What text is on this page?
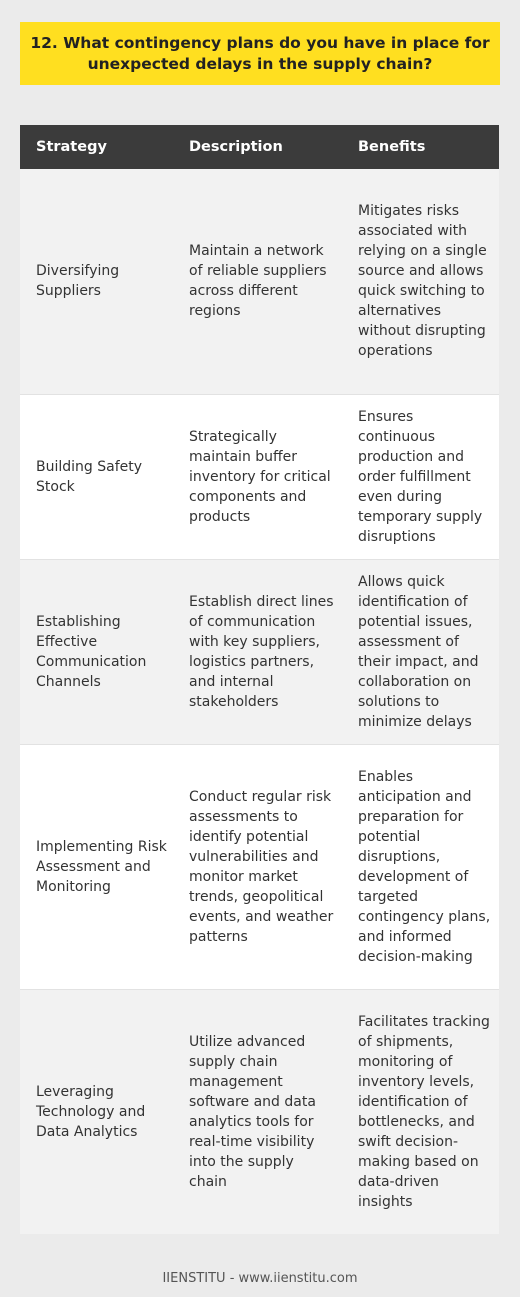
12. What contingency plans do you have in place for unexpected delays in the supply chain?
Strategy	Description	Benefits
Diversifying Suppliers	Maintain a network of reliable suppliers across different regions	Mitigates risks associated with relying on a single source and allows quick switching to alternatives without disrupting operations
Building Safety Stock	Strategically maintain buffer inventory for critical components and products	Ensures continuous production and order fulfillment even during temporary supply disruptions
Establishing Effective Communication Channels	Establish direct lines of communication with key suppliers, logistics partners, and internal stakeholders	Allows quick identification of potential issues, assessment of their impact, and collaboration on solutions to minimize delays
Implementing Risk Assessment and Monitoring	Conduct regular risk assessments to identify potential vulnerabilities and monitor market trends, geopolitical events, and weather patterns	Enables anticipation and preparation for potential disruptions, development of targeted contingency plans, and informed decision-making
Leveraging Technology and Data Analytics	Utilize advanced supply chain management software and data analytics tools for real-time visibility into the supply chain	Facilitates tracking of shipments, monitoring of inventory levels, identification of bottlenecks, and swift decision-making based on data-driven insights
IIENSTITU - www.iienstitu.com
